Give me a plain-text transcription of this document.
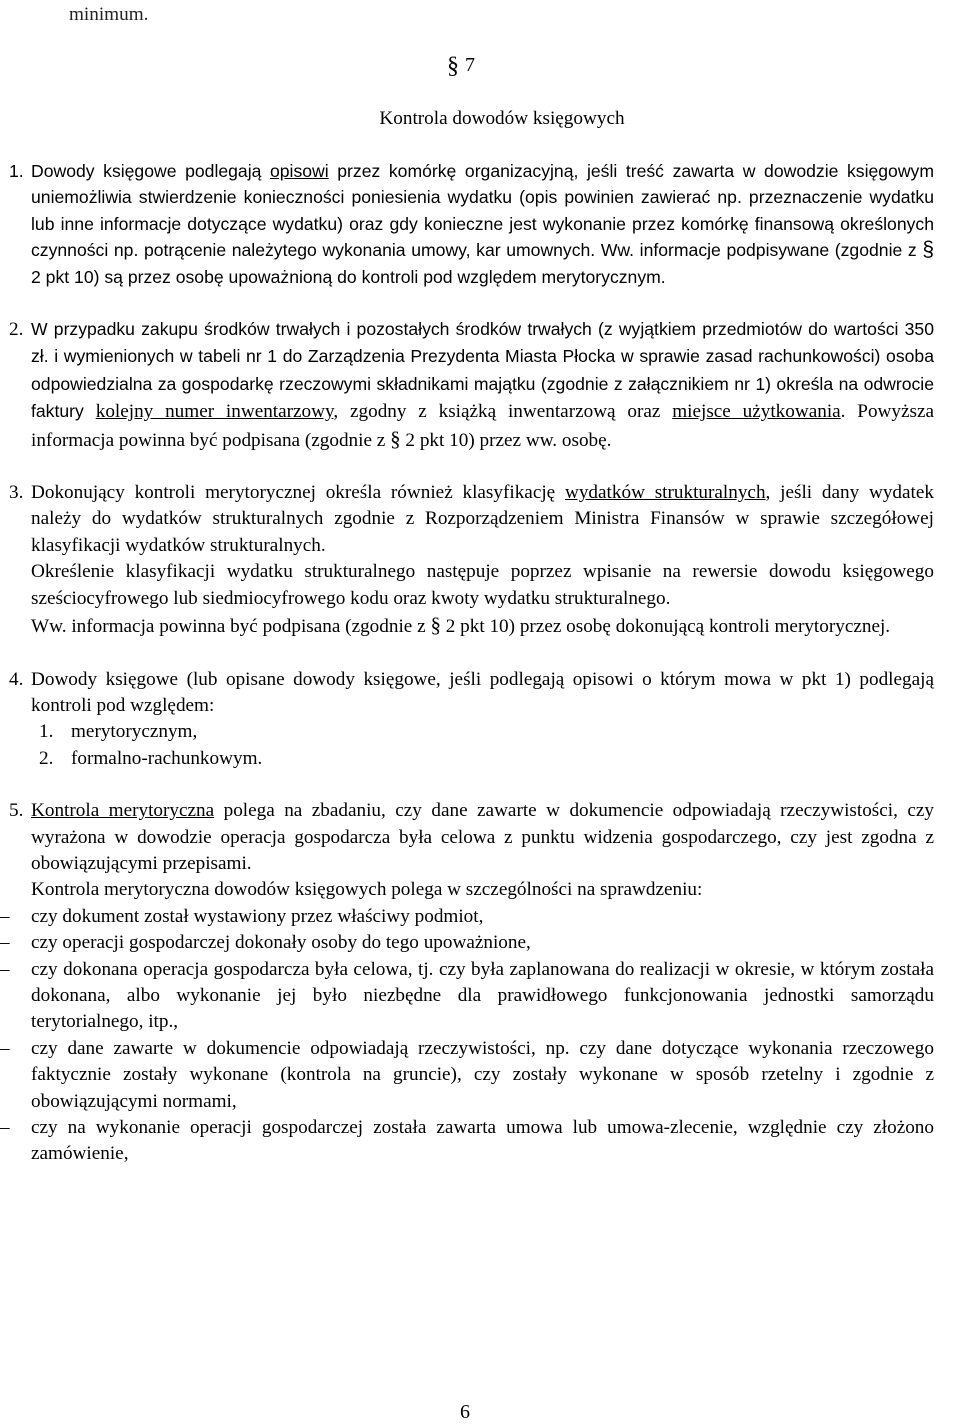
minimum.
§ 7
Kontrola dowodów księgowych

1. Dowody księgowe podlegają opisowi przez komórkę organizacyjną, jeśli treść zawarta w dowodzie księgowym uniemożliwia stwierdzenie konieczności poniesienia wydatku (opis powinien zawierać np. przeznaczenie wydatku lub inne informacje dotyczące wydatku) oraz gdy konieczne jest wykonanie przez komórkę finansową określonych czynności np. potrącenie należytego wykonania umowy, kar umownych. Ww. informacje podpisywane (zgodnie z § 2 pkt 10) są przez osobę upoważnioną do kontroli pod względem merytorycznym.

2. W przypadku zakupu środków trwałych i pozostałych środków trwałych (z wyjątkiem przedmiotów do wartości 350 zł. i wymienionych w tabeli nr 1 do Zarządzenia Prezydenta Miasta Płocka w sprawie zasad rachunkowości) osoba odpowiedzialna za gospodarkę rzeczowymi składnikami majątku (zgodnie z załącznikiem nr 1) określa na odwrocie faktury kolejny numer inwentarzowy, zgodny z książką inwentarzową oraz miejsce użytkowania. Powyższa informacja powinna być podpisana (zgodnie z § 2 pkt 10) przez ww. osobę.

3. Dokonujący kontroli merytorycznej określa również klasyfikację wydatków strukturalnych, jeśli dany wydatek należy do wydatków strukturalnych zgodnie z Rozporządzeniem Ministra Finansów w sprawie szczegółowej klasyfikacji wydatków strukturalnych.

Określenie klasyfikacji wydatku strukturalnego następuje poprzez wpisanie na rewersie dowodu księgowego sześciocyfrowego lub siedmiocyfrowego kodu oraz kwoty wydatku strukturalnego.

Ww. informacja powinna być podpisana (zgodnie z § 2 pkt 10) przez osobę dokonującą kontroli merytorycznej.

4. Dowody księgowe (lub opisane dowody księgowe, jeśli podlegają opisowi o którym mowa w pkt 1) podlegają kontroli pod względem:

1. merytorycznym,
2. formalno-rachunkowym.

5. Kontrola merytoryczna polega na zbadaniu, czy dane zawarte w dokumencie odpowiadają rzeczywistości, czy wyrażona w dowodzie operacja gospodarcza była celowa z punktu widzenia gospodarczego, czy jest zgodna z obowiązującymi przepisami.

Kontrola merytoryczna dowodów księgowych polega w szczególności na sprawdzeniu:

– czy dokument został wystawiony przez właściwy podmiot,
– czy operacji gospodarczej dokonały osoby do tego upoważnione,
– czy dokonana operacja gospodarcza była celowa, tj. czy była zaplanowana do realizacji w okresie, w którym została dokonana, albo wykonanie jej było niezbędne dla prawidłowego funkcjonowania jednostki samorządu terytorialnego, itp.,
– czy dane zawarte w dokumencie odpowiadają rzeczywistości, np. czy dane dotyczące wykonania rzeczowego faktycznie zostały wykonane (kontrola na gruncie), czy zostały wykonane w sposób rzetelny i zgodnie z obowiązującymi normami,
– czy na wykonanie operacji gospodarczej została zawarta umowa lub umowa-zlecenie, względnie czy złożono zamówienie,
6
